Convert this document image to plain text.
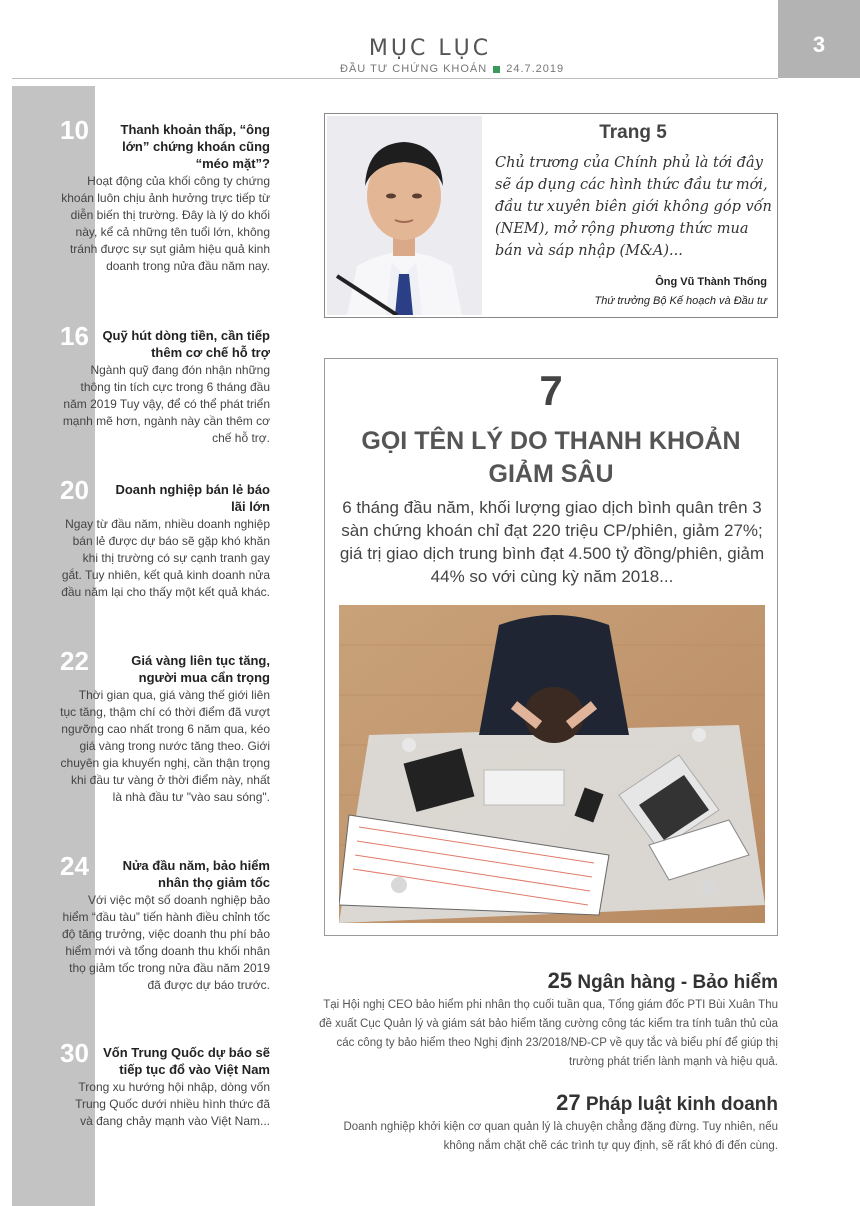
MỤC LỤC
ĐẦU TƯ CHỨNG KHOÁN 24.7.2019
3
10	Thanh khoản thấp, “ông lớn” chứng khoán cũng “méo mặt”?
Hoạt động của khối công ty chứng khoán luôn chịu ảnh hưởng trực tiếp từ diễn biến thị trường. Đây là lý do khối này, kể cả những tên tuổi lớn, không tránh được sự sụt giảm hiệu quả kinh doanh trong nửa đầu năm nay.
16	Quỹ hút dòng tiền, cần tiếp thêm cơ chế hỗ trợ
Ngành quỹ đang đón nhận những thông tin tích cực trong 6 tháng đầu năm 2019 Tuy vậy, để có thể phát triển mạnh mẽ hơn, ngành này cần thêm cơ chế hỗ trợ.
20	Doanh nghiệp bán lẻ báo lãi lớn
Ngay từ đầu năm, nhiều doanh nghiệp bán lẻ được dự báo sẽ gặp khó khăn khi thị trường có sự cạnh tranh gay gắt. Tuy nhiên, kết quả kinh doanh nửa đầu năm lại cho thấy một kết quả khác.
22	Giá vàng liên tục tăng, người mua cẩn trọng
Thời gian qua, giá vàng thế giới liên tục tăng, thậm chí có thời điểm đã vượt ngưỡng cao nhất trong 6 năm qua, kéo giá vàng trong nước tăng theo. Giới chuyên gia khuyến nghị, cần thận trọng khi đầu tư vàng ở thời điểm này, nhất là nhà đầu tư "vào sau sóng".
24	Nửa đầu năm, bảo hiểm nhân thọ giảm tốc
Với việc một số doanh nghiệp bảo hiểm “đầu tàu” tiến hành điều chỉnh tốc độ tăng trưởng, việc doanh thu phí bảo hiểm mới và tổng doanh thu khối nhân thọ giảm tốc trong nửa đầu năm 2019 đã được dự báo trước.
30	Vốn Trung Quốc dự báo sẽ tiếp tục đổ vào Việt Nam
Trong xu hướng hội nhập, dòng vốn Trung Quốc dưới nhiều hình thức đã và đang chảy mạnh vào Việt Nam...
Trang 5
Chủ trương của Chính phủ là tới đây sẽ áp dụng các hình thức đầu tư mới, đầu tư xuyên biên giới không góp vốn (NEM), mở rộng phương thức mua bán và sáp nhập (M&A)...
Ông Vũ Thành Thống
Thứ trưởng Bộ Kế hoạch và Đầu tư
7
GỌI TÊN LÝ DO THANH KHOẢN
GIẢM SÂU
6 tháng đầu năm, khối lượng giao dịch bình quân trên 3 sàn chứng khoán chỉ đạt 220 triệu CP/phiên, giảm 27%; giá trị giao dịch trung bình đạt 4.500 tỷ đồng/phiên, giảm 44% so với cùng kỳ năm 2018...
25 Ngân hàng - Bảo hiểm
Tại Hội nghị CEO bảo hiểm phi nhân thọ cuối tuần qua, Tổng giám đốc PTI Bùi Xuân Thu đề xuất Cục Quản lý và giám sát bảo hiểm tăng cường công tác kiểm tra tính tuân thủ của các công ty bảo hiểm theo Nghị định 23/2018/NĐ-CP về quy tắc và biểu phí để giúp thị trường phát triển lành mạnh và hiệu quả.
27 Pháp luật kinh doanh
Doanh nghiệp khởi kiện cơ quan quản lý là chuyện chẳng đặng đừng. Tuy nhiên, nếu không nắm chặt chẽ các trình tự quy định, sẽ rất khó đi đến cùng.
